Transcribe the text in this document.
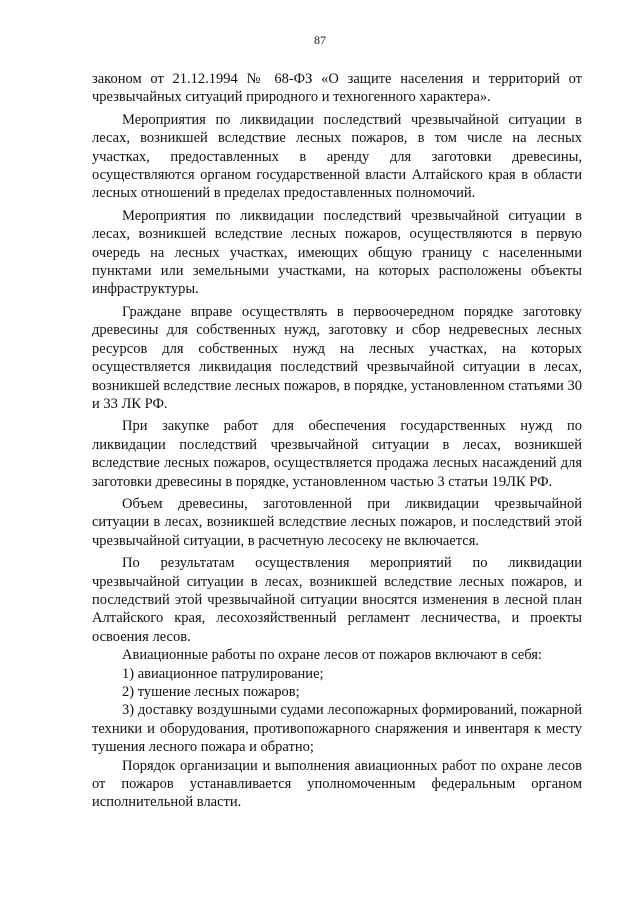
87

законом от 21.12.1994 № 68-ФЗ «О защите населения и территорий от чрезвычайных ситуаций природного и техногенного характера».

Мероприятия по ликвидации последствий чрезвычайной ситуации в лесах, возникшей вследствие лесных пожаров, в том числе на лесных участках, предоставленных в аренду для заготовки древесины, осуществляются органом государственной власти Алтайского края в области лесных отношений в пределах предоставленных полномочий.

Мероприятия по ликвидации последствий чрезвычайной ситуации в лесах, возникшей вследствие лесных пожаров, осуществляются в первую очередь на лесных участках, имеющих общую границу с населенными пунктами или земельными участками, на которых расположены объекты инфраструктуры.

Граждане вправе осуществлять в первоочередном порядке заготовку древесины для собственных нужд, заготовку и сбор недревесных лесных ресурсов для собственных нужд на лесных участках, на которых осуществляется ликвидация последствий чрезвычайной ситуации в лесах, возникшей вследствие лесных пожаров, в порядке, установленном статьями 30 и 33 ЛК РФ.

При закупке работ для обеспечения государственных нужд по ликвидации последствий чрезвычайной ситуации в лесах, возникшей вследствие лесных пожаров, осуществляется продажа лесных насаждений для заготовки древесины в порядке, установленном частью 3 статьи 19ЛК РФ.

Объем древесины, заготовленной при ликвидации чрезвычайной ситуации в лесах, возникшей вследствие лесных пожаров, и последствий этой чрезвычайной ситуации, в расчетную лесосеку не включается.

По результатам осуществления мероприятий по ликвидации чрезвычайной ситуации в лесах, возникшей вследствие лесных пожаров, и последствий этой чрезвычайной ситуации вносятся изменения в лесной план Алтайского края, лесохозяйственный регламент лесничества, и проекты освоения лесов.

Авиационные работы по охране лесов от пожаров включают в себя:

1) авиационное патрулирование;

2) тушение лесных пожаров;

3) доставку воздушными судами лесопожарных формирований, пожарной техники и оборудования, противопожарного снаряжения и инвентаря к месту тушения лесного пожара и обратно;

Порядок организации и выполнения авиационных работ по охране лесов от пожаров устанавливается уполномоченным федеральным органом исполнительной власти.
